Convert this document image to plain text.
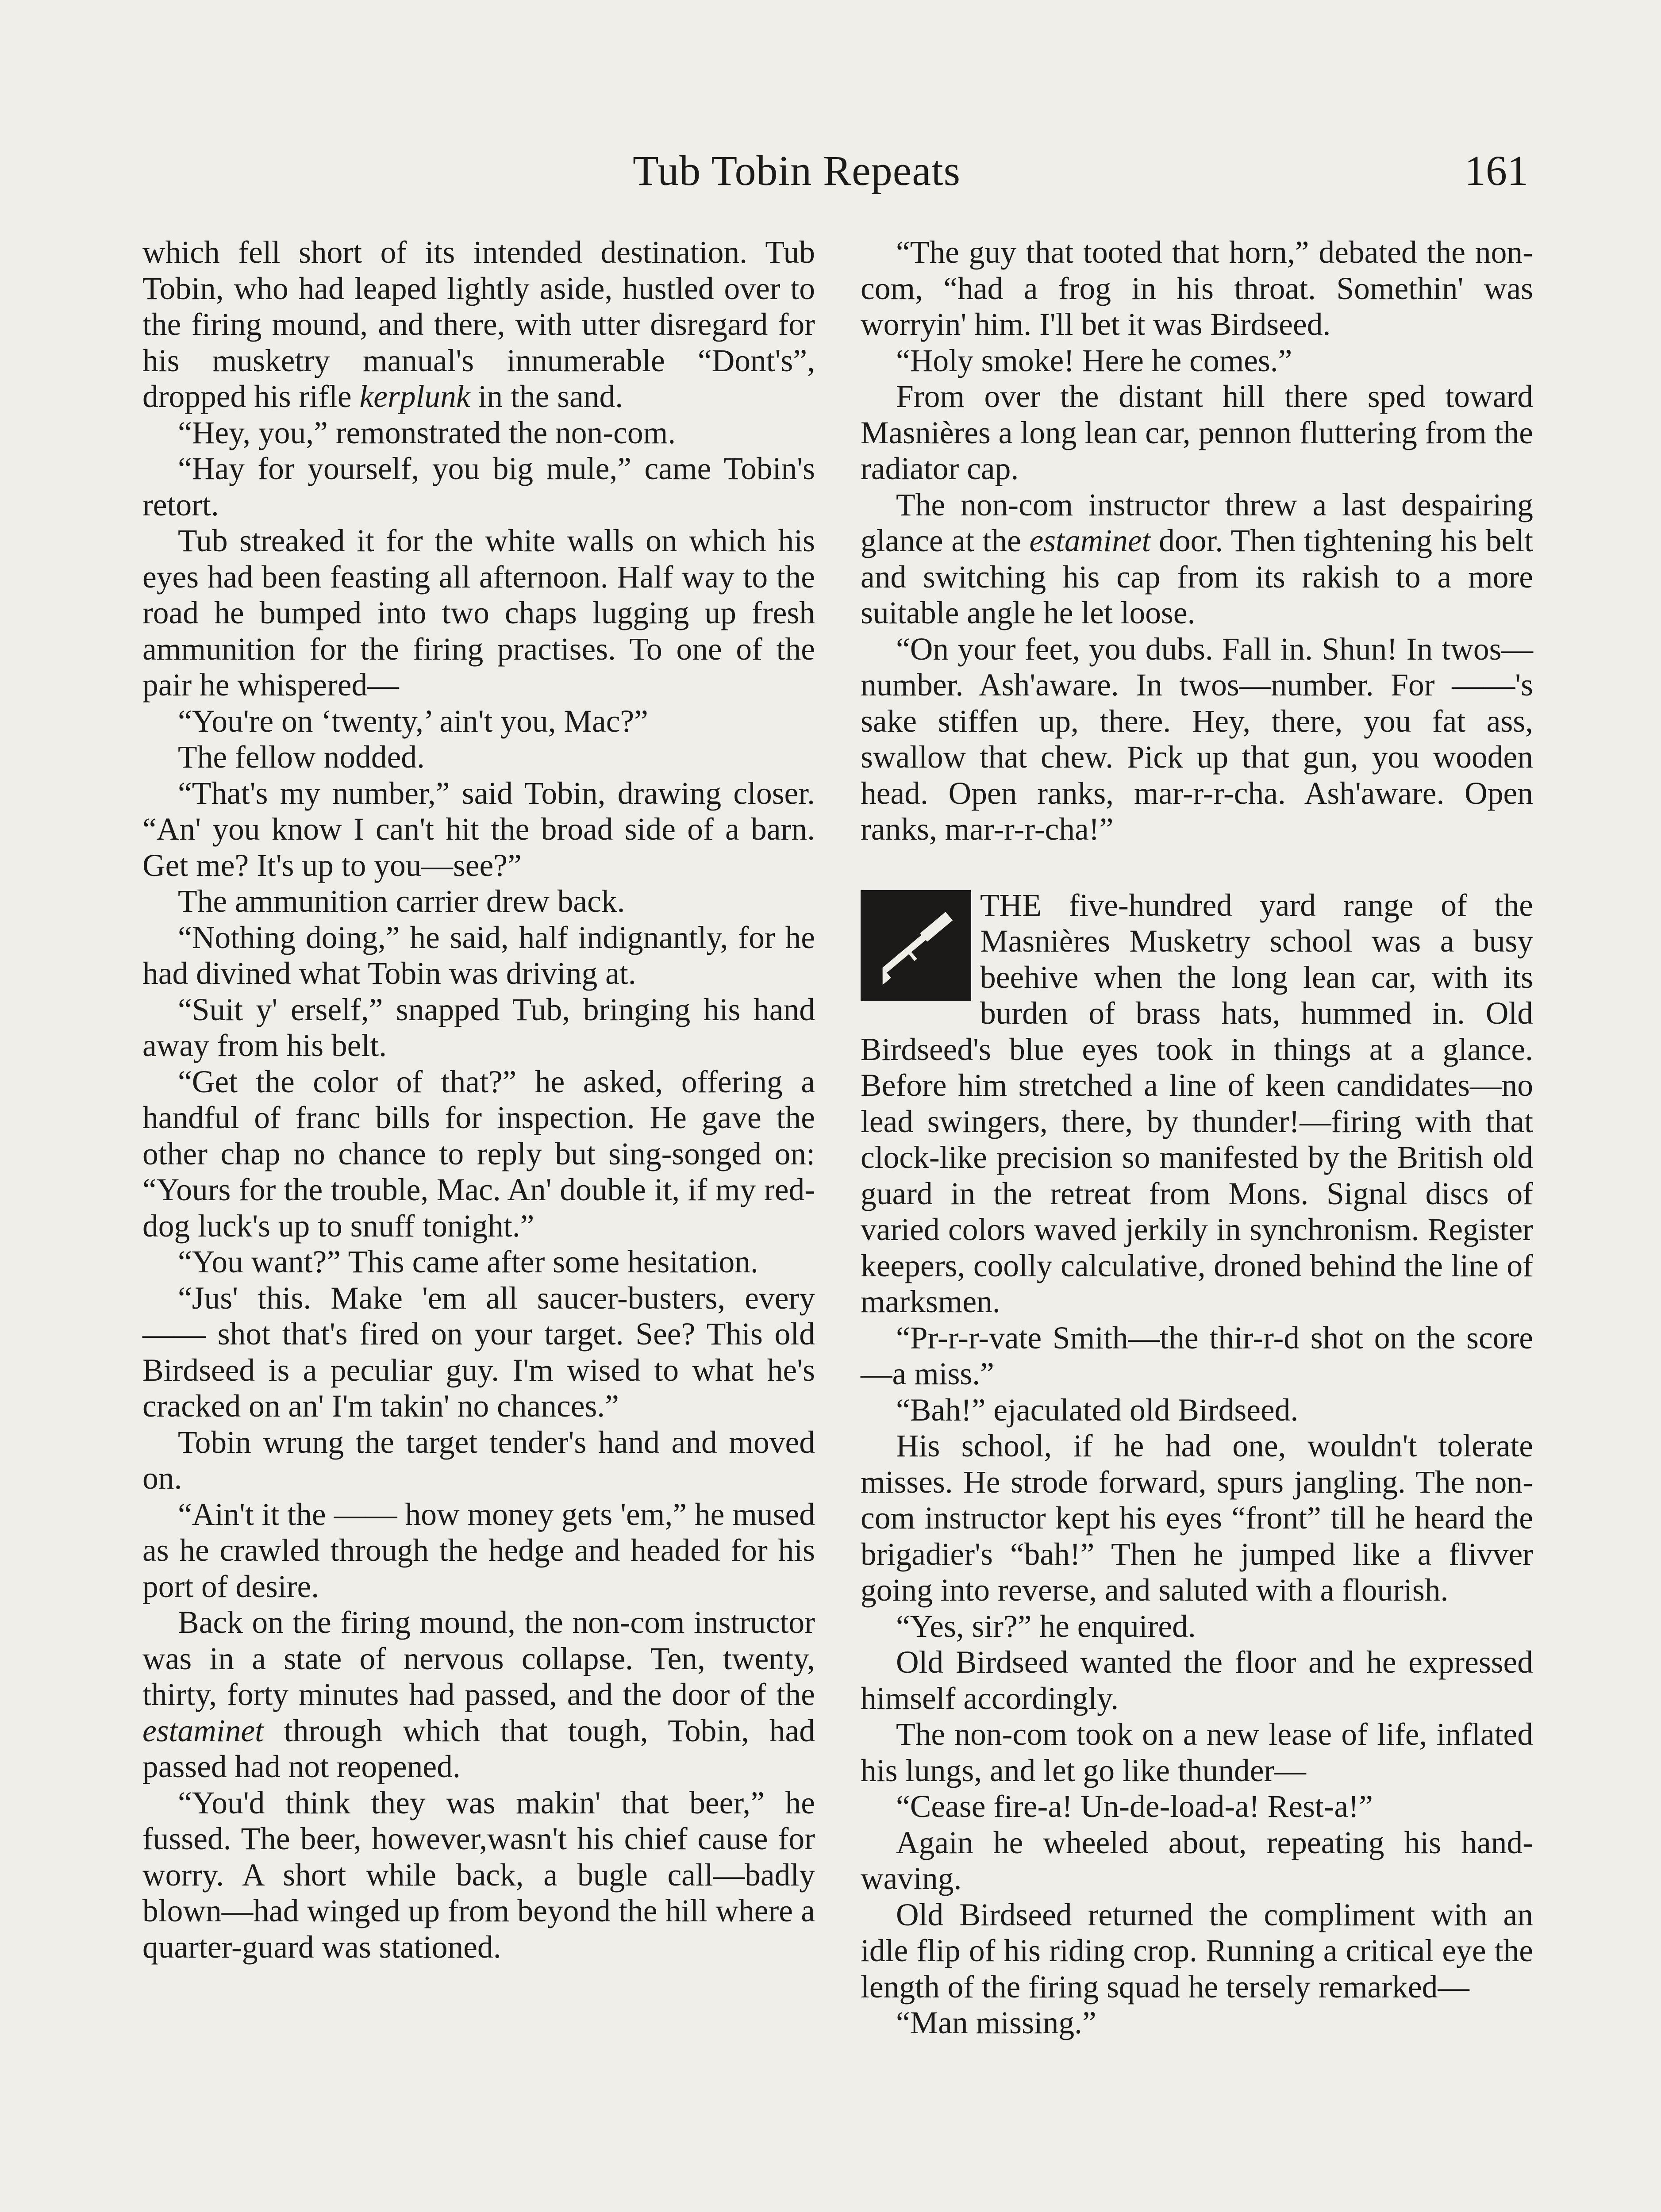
Tub Tobin Repeats	161

which fell short of its intended destination. Tub Tobin, who had leaped lightly aside, hustled over to the firing mound, and there, with utter disregard for his musketry manual's innumerable “Dont's”, dropped his rifle kerplunk in the sand.

“Hey, you,” remonstrated the non-com.

“Hay for yourself, you big mule,” came Tobin's retort.

Tub streaked it for the white walls on which his eyes had been feasting all afternoon. Half way to the road he bumped into two chaps lugging up fresh ammunition for the firing practises. To one of the pair he whispered—

“You're on ‘twenty,’ ain't you, Mac?”

The fellow nodded.

“That's my number,” said Tobin, drawing closer. “An' you know I can't hit the broad side of a barn. Get me? It's up to you—see?”

The ammunition carrier drew back.

“Nothing doing,” he said, half indignantly, for he had divined what Tobin was driving at.

“Suit y' erself,” snapped Tub, bringing his hand away from his belt.

“Get the color of that?” he asked, offering a handful of franc bills for inspection. He gave the other chap no chance to reply but sing-songed on: “Yours for the trouble, Mac. An' double it, if my red-dog luck's up to snuff tonight.”

“You want?” This came after some hesitation.

“Jus' this. Make 'em all saucer-busters, every —— shot that's fired on your target. See? This old Birdseed is a peculiar guy. I'm wised to what he's cracked on an' I'm takin' no chances.”

Tobin wrung the target tender's hand and moved on.

“Ain't it the —— how money gets 'em,” he mused as he crawled through the hedge and headed for his port of desire.

Back on the firing mound, the non-com instructor was in a state of nervous collapse. Ten, twenty, thirty, forty minutes had passed, and the door of the estaminet through which that tough, Tobin, had passed had not reopened.

“You'd think they was makin' that beer,” he fussed. The beer, however,wasn't his chief cause for worry. A short while back, a bugle call—badly blown—had winged up from beyond the hill where a quarter-guard was stationed.

“The guy that tooted that horn,” debated the non-com, “had a frog in his throat. Somethin' was worryin' him. I'll bet it was Birdseed.

“Holy smoke! Here he comes.”

From over the distant hill there sped toward Masnières a long lean car, pennon fluttering from the radiator cap.

The non-com instructor threw a last despairing glance at the estaminet door. Then tightening his belt and switching his cap from its rakish to a more suitable angle he let loose.

“On your feet, you dubs. Fall in. Shun! In twos—number. Ash'aware. In twos—number. For ——'s sake stiffen up, there. Hey, there, you fat ass, swallow that chew. Pick up that gun, you wooden head. Open ranks, mar-r-r-cha. Ash'aware. Open ranks, mar-r-r-cha!”

THE five-hundred yard range of the Masnières Musketry school was a busy beehive when the long lean car, with its burden of brass hats, hummed in. Old Birdseed's blue eyes took in things at a glance. Before him stretched a line of keen candidates—no lead swingers, there, by thunder!—firing with that clock-like precision so manifested by the British old guard in the retreat from Mons. Signal discs of varied colors waved jerkily in synchronism. Register keepers, coolly calculative, droned behind the line of marksmen.

“Pr-r-r-vate Smith—the thir-r-d shot on the score—a miss.”

“Bah!” ejaculated old Birdseed.

His school, if he had one, wouldn't tolerate misses. He strode forward, spurs jangling. The non-com instructor kept his eyes “front” till he heard the brigadier's “bah!” Then he jumped like a flivver going into reverse, and saluted with a flourish.

“Yes, sir?” he enquired.

Old Birdseed wanted the floor and he expressed himself accordingly.

The non-com took on a new lease of life, inflated his lungs, and let go like thunder—

“Cease fire-a! Un-de-load-a! Rest-a!”

Again he wheeled about, repeating his hand-waving.

Old Birdseed returned the compliment with an idle flip of his riding crop. Running a critical eye the length of the firing squad he tersely remarked—

“Man missing.”
